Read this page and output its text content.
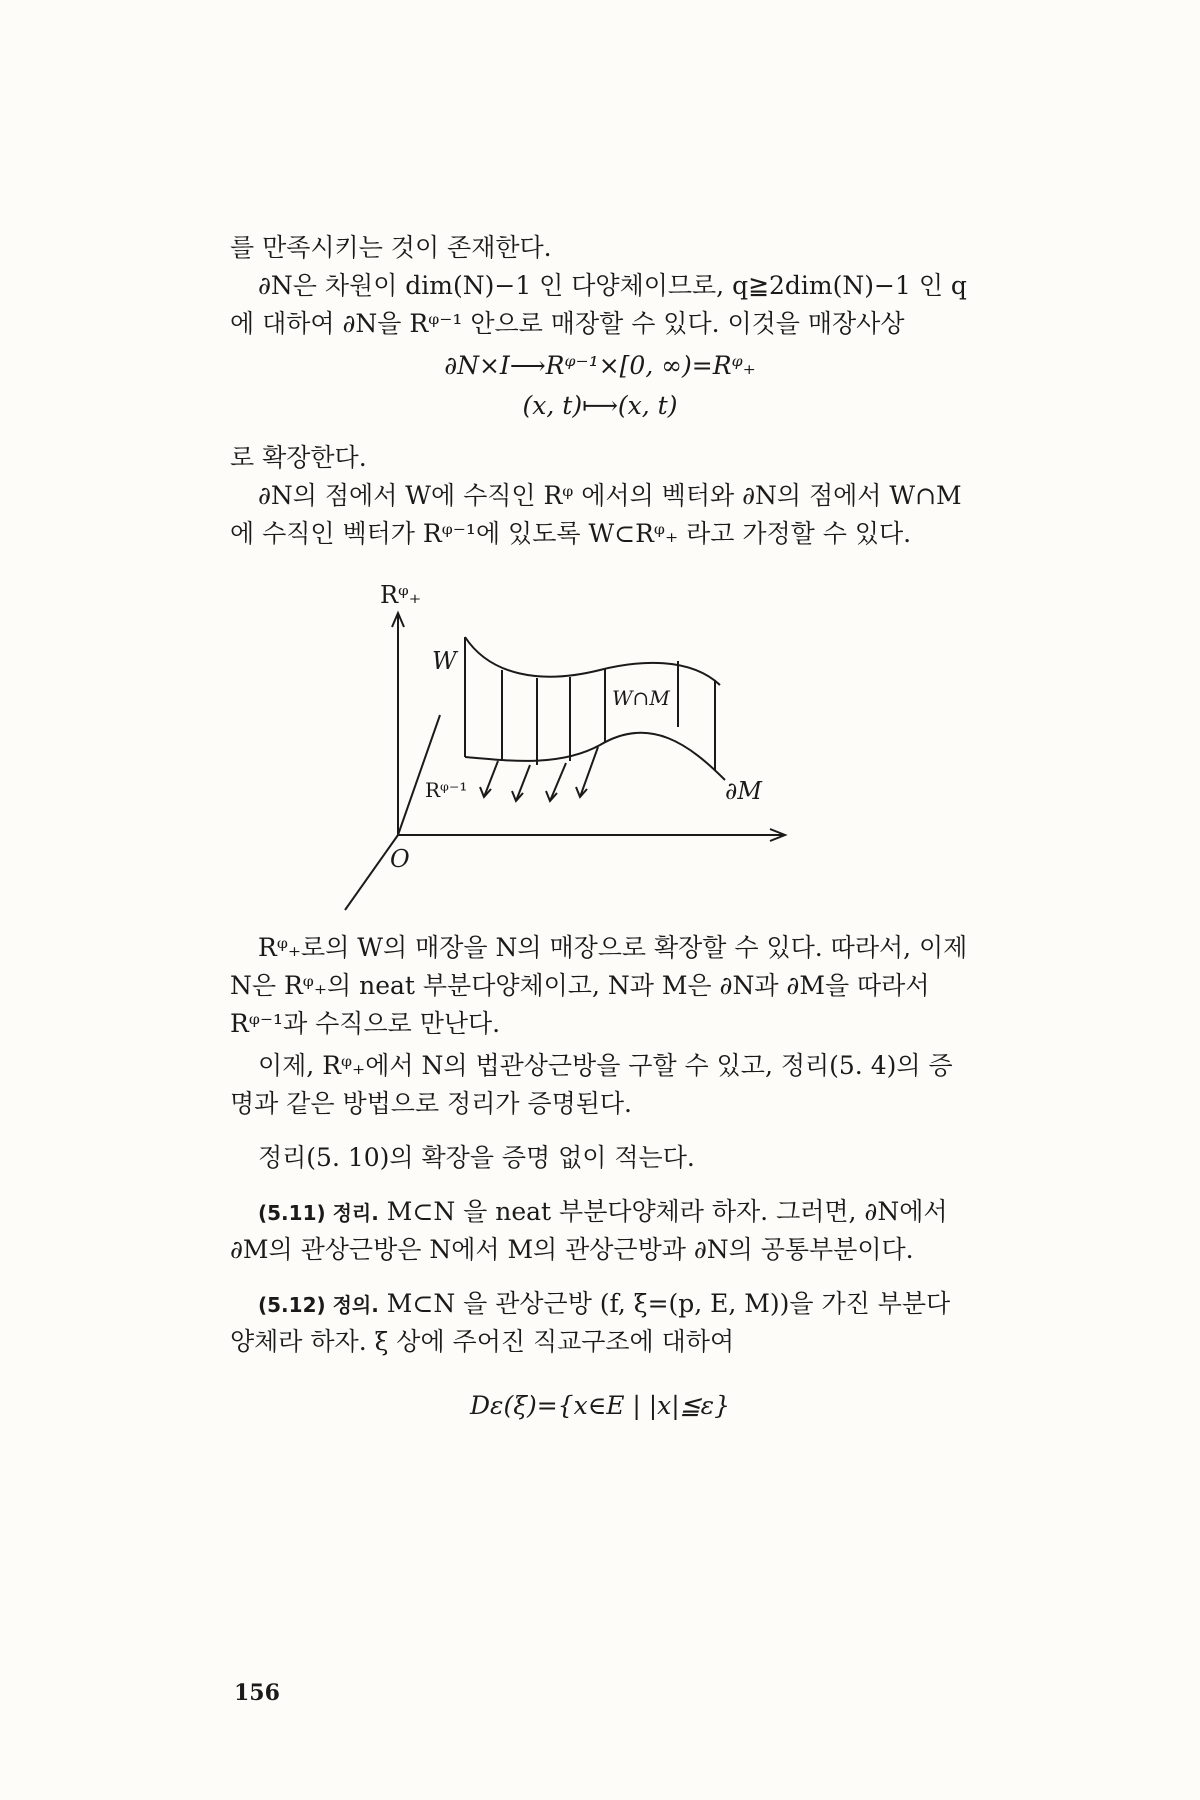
를 만족시키는 것이 존재한다.
∂N은 차원이 dim(N)−1 인 다양체이므로, q≧2dim(N)−1 인 q
에 대하여 ∂N을 Rᵠ⁻¹ 안으로 매장할 수 있다. 이것을 매장사상
∂N×I⟶Rᵠ⁻¹×[0, ∞)=Rᵠ₊
(x, t)⟼(x, t)
로 확장한다.
∂N의 점에서 W에 수직인 Rᵠ 에서의 벡터와 ∂N의 점에서 W∩M
에 수직인 벡터가 Rᵠ⁻¹에 있도록 W⊂Rᵠ₊ 라고 가정할 수 있다.
Rᵠ₊
W
W∩M
Rᵠ⁻¹	∂M
O
Rᵠ₊로의 W의 매장을 N의 매장으로 확장할 수 있다. 따라서, 이제
N은 Rᵠ₊의 neat 부분다양체이고, N과 M은 ∂N과 ∂M을 따라서
Rᵠ⁻¹과 수직으로 만난다.
이제, Rᵠ₊에서 N의 법관상근방을 구할 수 있고, 정리(5. 4)의 증
명과 같은 방법으로 정리가 증명된다.
정리(5. 10)의 확장을 증명 없이 적는다.
(5.11) 정리. M⊂N 을 neat 부분다양체라 하자. 그러면, ∂N에서
∂M의 관상근방은 N에서 M의 관상근방과 ∂N의 공통부분이다.
(5.12) 정의. M⊂N 을 관상근방 (f, ξ=(p, E, M))을 가진 부분다
양체라 하자. ξ 상에 주어진 직교구조에 대하여
Dε(ξ)={x∈E | |x|≦ε}
156
